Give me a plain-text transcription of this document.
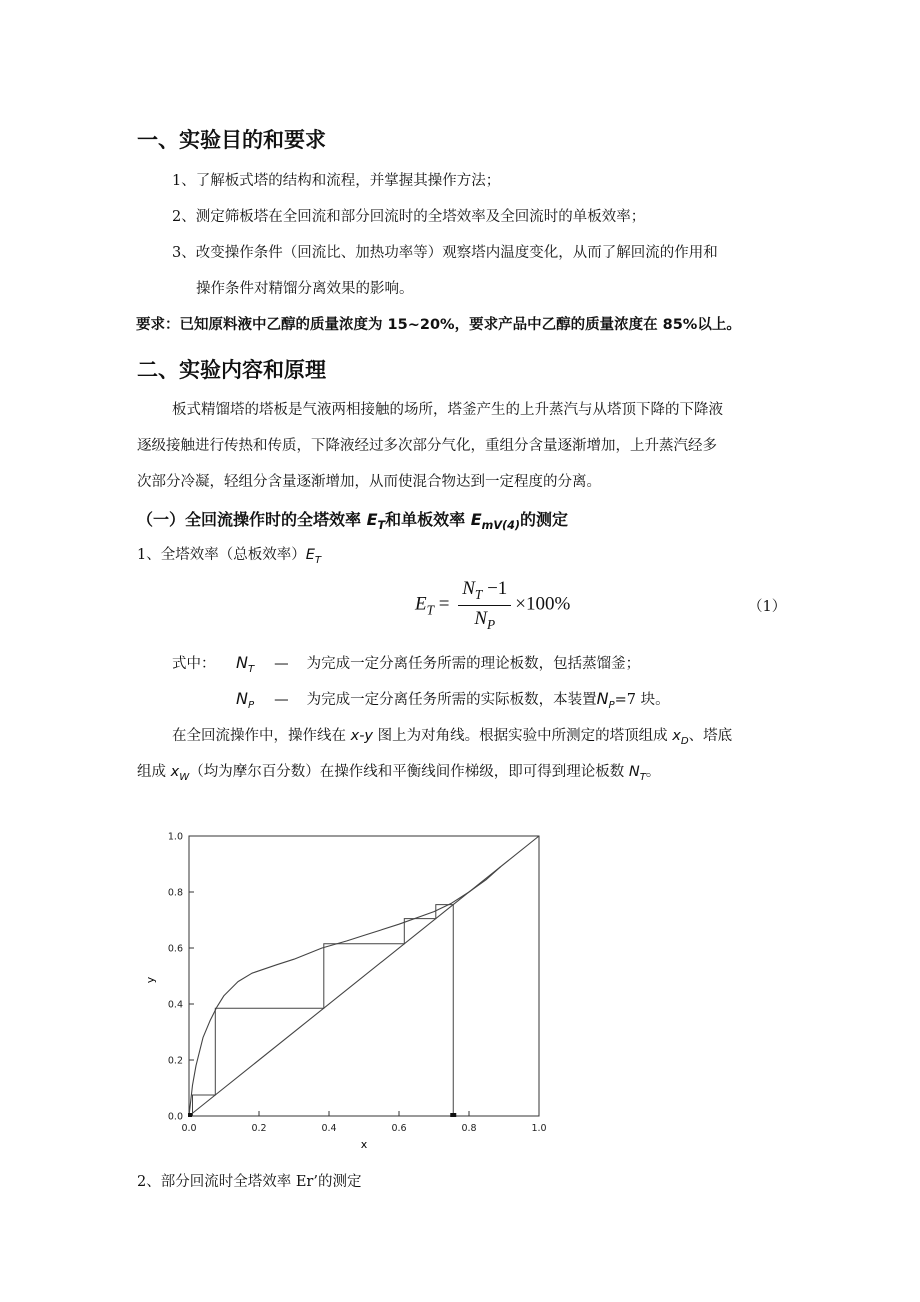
一、实验目的和要求
1、了解板式塔的结构和流程，并掌握其操作方法；
2、测定筛板塔在全回流和部分回流时的全塔效率及全回流时的单板效率；
3、改变操作条件（回流比、加热功率等）观察塔内温度变化，从而了解回流的作用和
操作条件对精馏分离效果的影响。
要求：已知原料液中乙醇的质量浓度为 15~20%，要求产品中乙醇的质量浓度在 85%以上。
二、实验内容和原理
板式精馏塔的塔板是气液两相接触的场所，塔釜产生的上升蒸汽与从塔顶下降的下降液
逐级接触进行传热和传质，下降液经过多次部分气化，重组分含量逐渐增加，上升蒸汽经多
次部分冷凝，轻组分含量逐渐增加，从而使混合物达到一定程度的分离。
（一）全回流操作时的全塔效率 $E_T$和单板效率 $E_{mV(4)}$的测定
1、全塔效率（总板效率）$E_T$
$E_T = \frac{N_T -1}{N_P} \times 100\%$	（1）
式中： $N_T$ — 为完成一定分离任务所需的理论板数，包括蒸馏釜；
$N_P$ — 为完成一定分离任务所需的实际板数，本装置$N_P=7$ 块。
在全回流操作中，操作线在 x-y 图上为对角线。根据实验中所测定的塔顶组成 $x_D$、塔底
组成 $x_W$（均为摩尔百分数）在操作线和平衡线间作梯级，即可得到理论板数 $N_T$。
0.0	0.2	0.4	0.6	0.8	1.0
0.0
0.2
0.4
0.6
0.8
1.0
x
y
2、部分回流时全塔效率 Er’的测定
